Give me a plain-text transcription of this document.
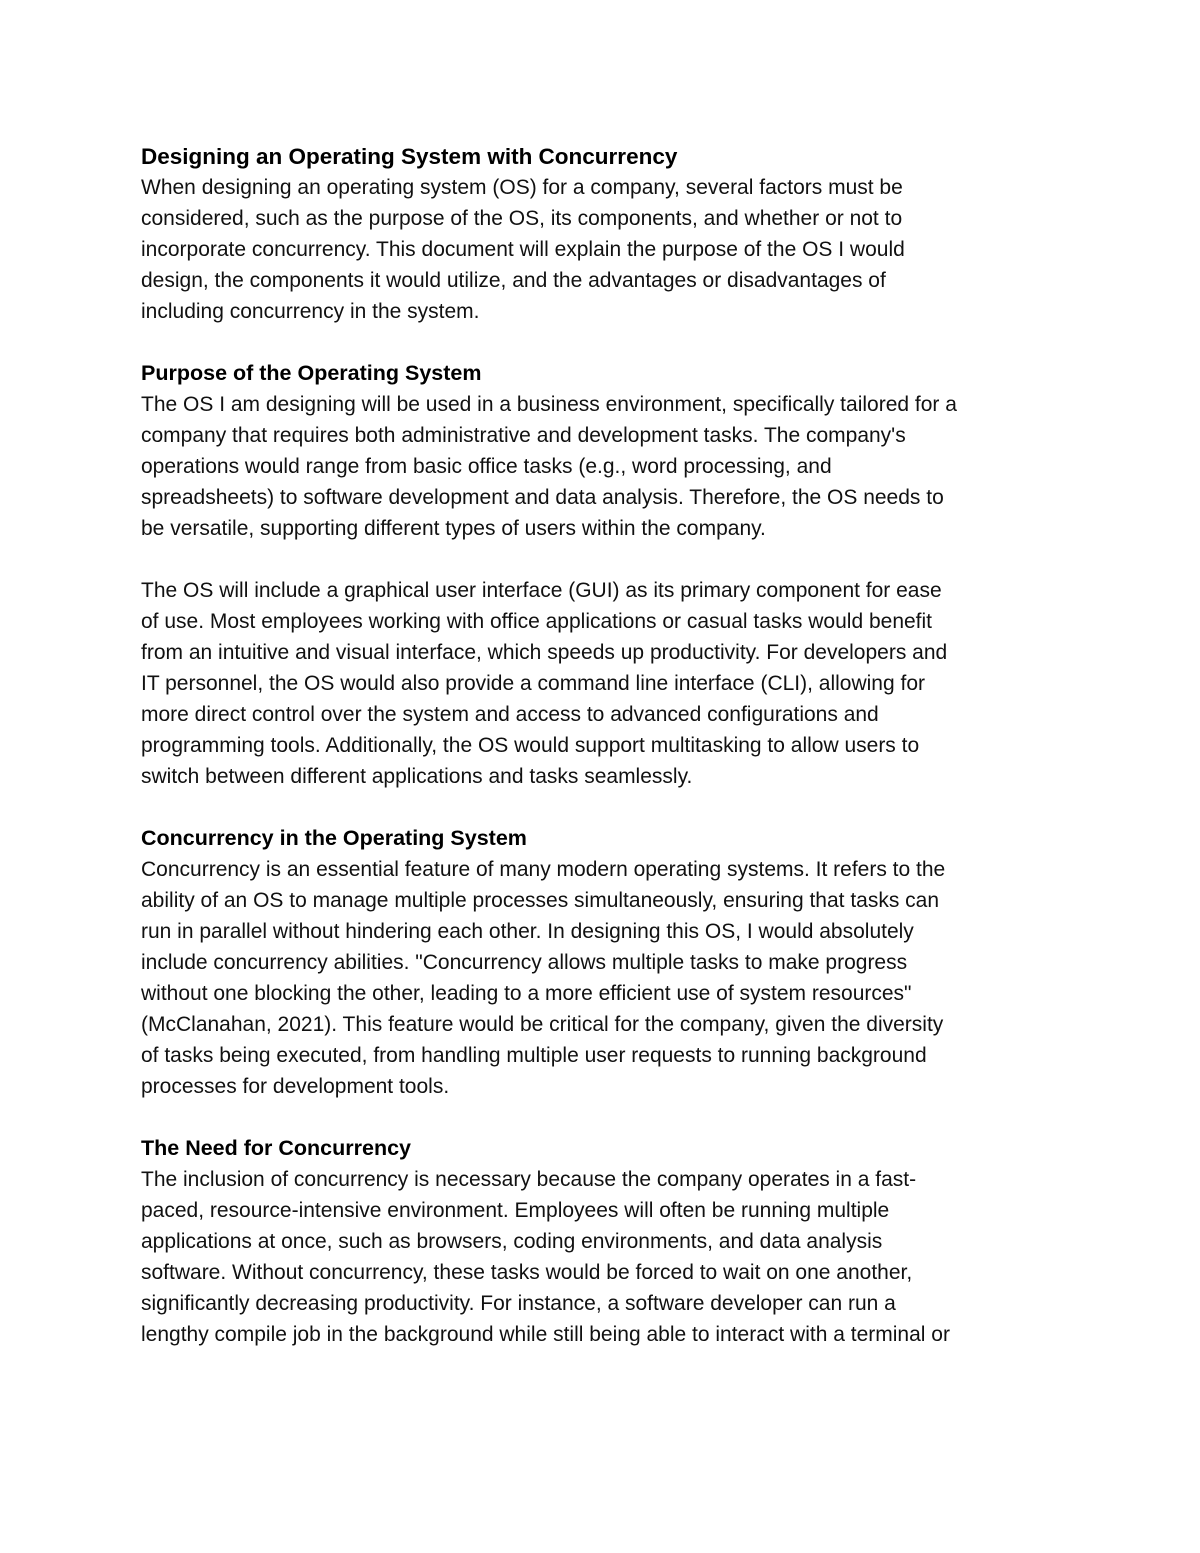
Designing an Operating System with Concurrency

When designing an operating system (OS) for a company, several factors must be
considered, such as the purpose of the OS, its components, and whether or not to
incorporate concurrency. This document will explain the purpose of the OS I would
design, the components it would utilize, and the advantages or disadvantages of
including concurrency in the system.

Purpose of the Operating System

The OS I am designing will be used in a business environment, specifically tailored for a
company that requires both administrative and development tasks. The company's
operations would range from basic office tasks (e.g., word processing, and
spreadsheets) to software development and data analysis. Therefore, the OS needs to
be versatile, supporting different types of users within the company.

The OS will include a graphical user interface (GUI) as its primary component for ease
of use. Most employees working with office applications or casual tasks would benefit
from an intuitive and visual interface, which speeds up productivity. For developers and
IT personnel, the OS would also provide a command line interface (CLI), allowing for
more direct control over the system and access to advanced configurations and
programming tools. Additionally, the OS would support multitasking to allow users to
switch between different applications and tasks seamlessly.

Concurrency in the Operating System

Concurrency is an essential feature of many modern operating systems. It refers to the
ability of an OS to manage multiple processes simultaneously, ensuring that tasks can
run in parallel without hindering each other. In designing this OS, I would absolutely
include concurrency abilities. "Concurrency allows multiple tasks to make progress
without one blocking the other, leading to a more efficient use of system resources"
(McClanahan, 2021). This feature would be critical for the company, given the diversity
of tasks being executed, from handling multiple user requests to running background
processes for development tools.

The Need for Concurrency

The inclusion of concurrency is necessary because the company operates in a fast-
paced, resource-intensive environment. Employees will often be running multiple
applications at once, such as browsers, coding environments, and data analysis
software. Without concurrency, these tasks would be forced to wait on one another,
significantly decreasing productivity. For instance, a software developer can run a
lengthy compile job in the background while still being able to interact with a terminal or
